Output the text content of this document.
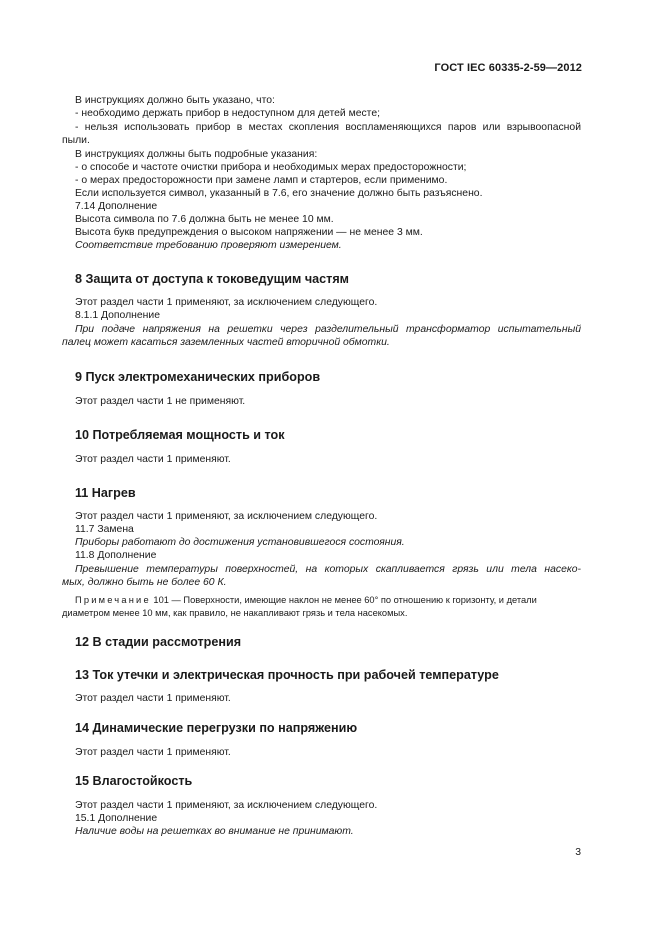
ГОСТ IEC 60335-2-59—2012
В инструкциях должно быть указано, что:
- необходимо держать прибор в недоступном для детей месте;
- нельзя использовать прибор в местах скопления воспламеняющихся паров или взрывоопасной
пыли.
В инструкциях должны быть подробные указания:
- о способе и частоте очистки прибора и необходимых мерах предосторожности;
- о мерах предосторожности при замене ламп и стартеров, если применимо.
Если используется символ, указанный в 7.6, его значение должно быть разъяснено.
7.14 Дополнение
Высота символа по 7.6 должна быть не менее 10 мм.
Высота букв предупреждения о высоком напряжении — не менее 3 мм.
Соответствие требованию проверяют измерением.
8 Защита от доступа к токоведущим частям
Этот раздел части 1 применяют, за исключением следующего.
8.1.1 Дополнение
При подаче напряжения на решетки через разделительный трансформатор испытательный
палец может касаться заземленных частей вторичной обмотки.
9 Пуск электромеханических приборов
Этот раздел части 1 не применяют.
10 Потребляемая мощность и ток
Этот раздел части 1 применяют.
11 Нагрев
Этот раздел части 1 применяют, за исключением следующего.
11.7 Замена
Приборы работают до достижения установившегося состояния.
11.8 Дополнение
Превышение температуры поверхностей, на которых скапливается грязь или тела насеко-
мых, должно быть не более 60 К.
Примечание 101 — Поверхности, имеющие наклон не менее 60° по отношению к горизонту, и детали
диаметром менее 10 мм, как правило, не накапливают грязь и тела насекомых.
12 В стадии рассмотрения
13 Ток утечки и электрическая прочность при рабочей температуре
Этот раздел части 1 применяют.
14 Динамические перегрузки по напряжению
Этот раздел части 1 применяют.
15 Влагостойкость
Этот раздел части 1 применяют, за исключением следующего.
15.1 Дополнение
Наличие воды на решетках во внимание не принимают.
3
